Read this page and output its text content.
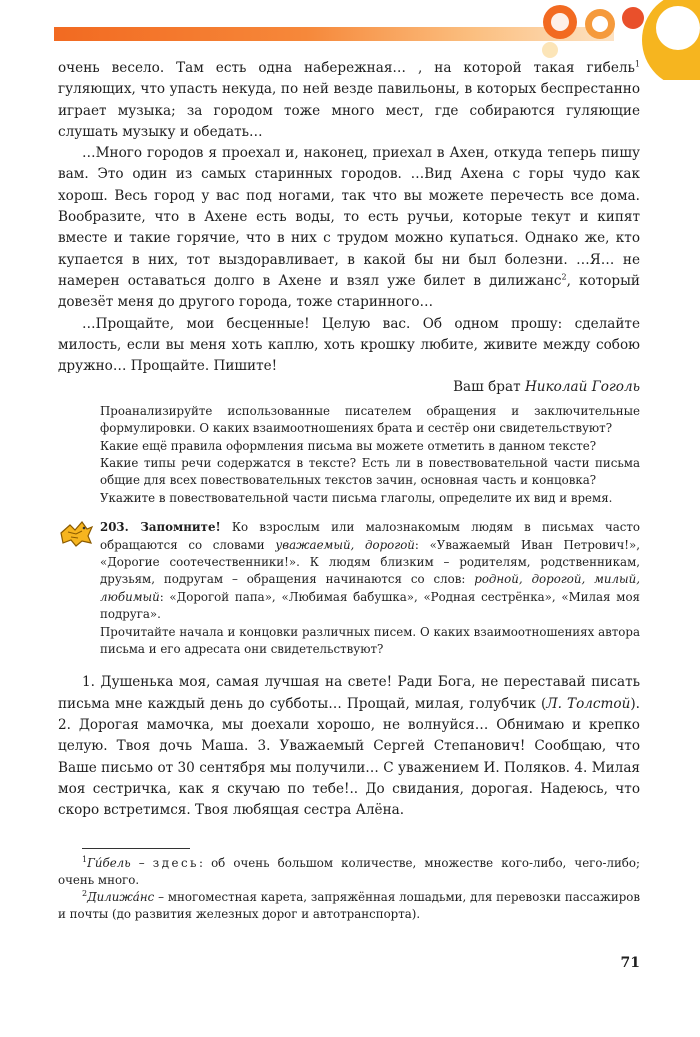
очень весело. Там есть одна набережная… , на которой такая гибель$^1$ гуляющих, что упасть некуда, по ней везде павильоны, в которых беспрестанно играет музыка; за городом тоже много мест, где собираются гуляющие слушать музыку и обедать…

…Много городов я проехал и, наконец, приехал в Ахен, откуда теперь пишу вам. Это один из самых старинных городов. …Вид Ахена с горы чудо как хорош. Весь город у вас под ногами, так что вы можете перечесть все дома. Вообразите, что в Ахене есть воды, то есть ручьи, которые текут и кипят вместе и такие горячие, что в них с трудом можно купаться. Однако же, кто купается в них, тот выздоравливает, в какой бы ни был болезни. …Я… не намерен оставаться долго в Ахене и взял уже билет в дилижанс$^2$, который довезёт меня до другого города, тоже старинного…

…Прощайте, мои бесценные! Целую вас. Об одном прошу: сделайте милость, если вы меня хоть каплю, хоть крошку любите, живите между собою дружно… Прощайте. Пишите!

Ваш брат Николай Гоголь

Проанализируйте использованные писателем обращения и заключительные формулировки. О каких взаимоотношениях брата и сестёр они свидетельствуют?

Какие ещё правила оформления письма вы можете отметить в данном тексте?

Какие типы речи содержатся в тексте? Есть ли в повествовательной части письма общие для всех повествовательных текстов зачин, основная часть и концовка?

Укажите в повествовательной части письма глаголы, определите их вид и время.

203. Запомните! Ко взрослым или малознакомым людям в письмах часто обращаются со словами уважаемый, дорогой: «Уважаемый Иван Петрович!», «Дорогие соотечественники!». К людям близким – родителям, родственникам, друзьям, подругам – обращения начинаются со слов: родной, дорогой, милый, любимый: «Дорогой папа», «Любимая бабушка», «Родная сестрёнка», «Милая моя подруга».

Прочитайте начала и концовки различных писем. О каких взаимоотношениях автора письма и его адресата они свидетельствуют?

1. Душенька моя, самая лучшая на свете! Ради Бога, не переставай писать письма мне каждый день до субботы… Прощай, милая, голубчик (Л. Толстой). 2. Дорогая мамочка, мы доехали хорошо, не волнуйся… Обнимаю и крепко целую. Твоя дочь Маша. 3. Уважаемый Сергей Степанович! Сообщаю, что Ваше письмо от 30 сентября мы получили… С уважением И. Поляков. 4. Милая моя сестричка, как я скучаю по тебе!.. До свидания, дорогая. Надеюсь, что скоро встретимся. Твоя любящая сестра Алёна.

$^1$Ги́бель – здесь: об очень большом количестве, множестве кого-либо, чего-либо; очень много.

$^2$Дилижа́нс – многоместная карета, запряжённая лошадьми, для перевозки пассажиров и почты (до развития железных дорог и автотранспорта).

71
